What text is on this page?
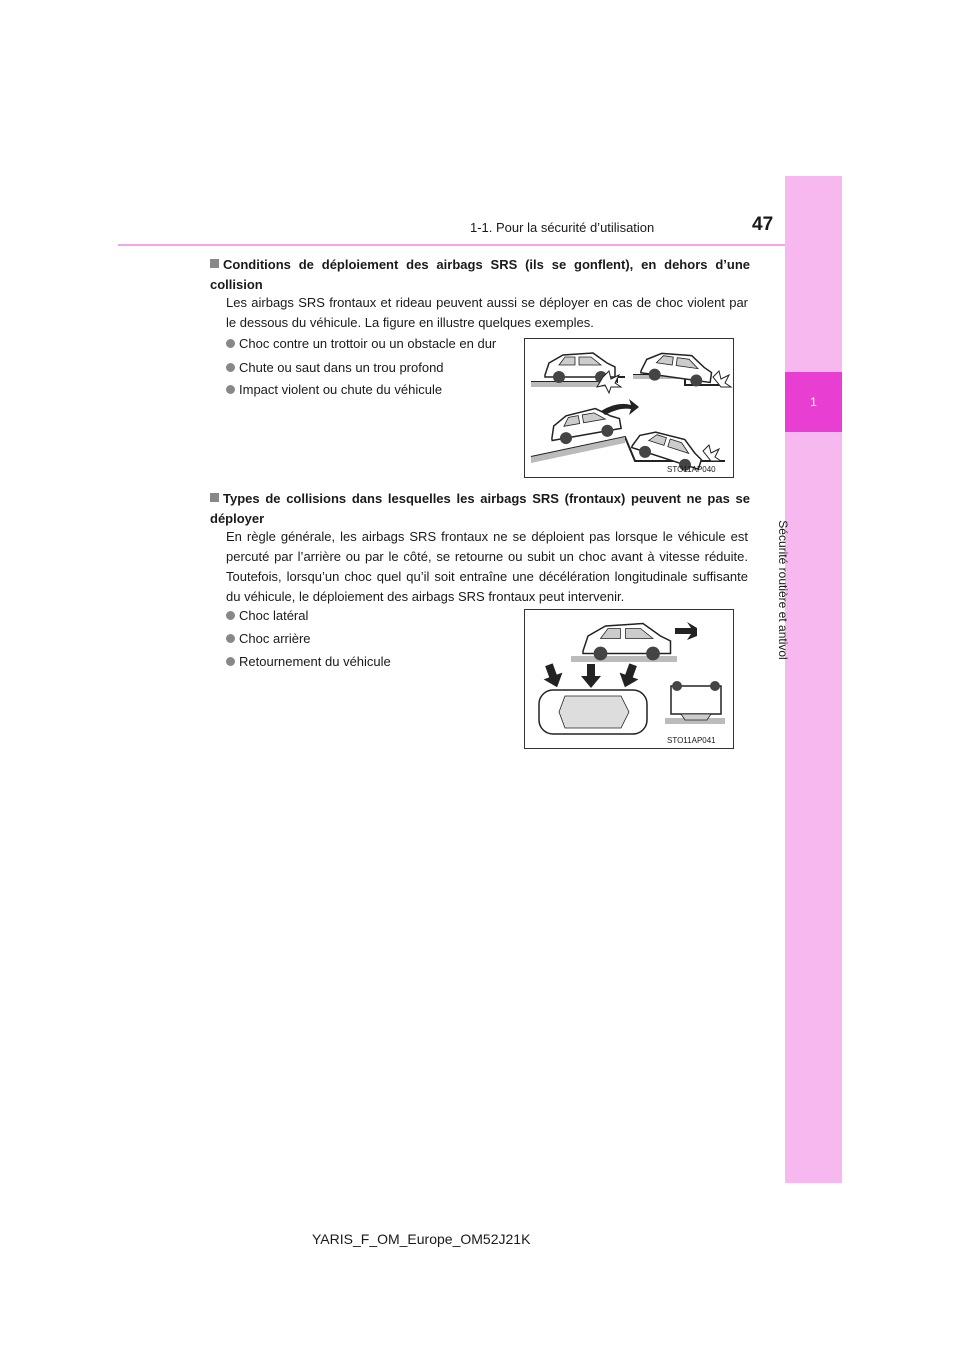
1-1. Pour la sécurité d’utilisation	47
1
Sécurité routière et antivol
Conditions de déploiement des airbags SRS (ils se gonflent), en dehors d’une collision
Les airbags SRS frontaux et rideau peuvent aussi se déployer en cas de choc violent par le dessous du véhicule. La figure en illustre quelques exemples.
Choc contre un trottoir ou un obstacle en dur
Chute ou saut dans un trou profond
Impact violent ou chute du véhicule
STO11AP040
Types de collisions dans lesquelles les airbags SRS (frontaux) peuvent ne pas se déployer
En règle générale, les airbags SRS frontaux ne se déploient pas lorsque le véhicule est percuté par l’arrière ou par le côté, se retourne ou subit un choc avant à vitesse réduite. Toutefois, lorsqu’un choc quel qu’il soit entraîne une décélération longitudinale suffisante du véhicule, le déploiement des airbags SRS frontaux peut intervenir.
Choc latéral
Choc arrière
Retournement du véhicule
STO11AP041
YARIS_F_OM_Europe_OM52J21K
